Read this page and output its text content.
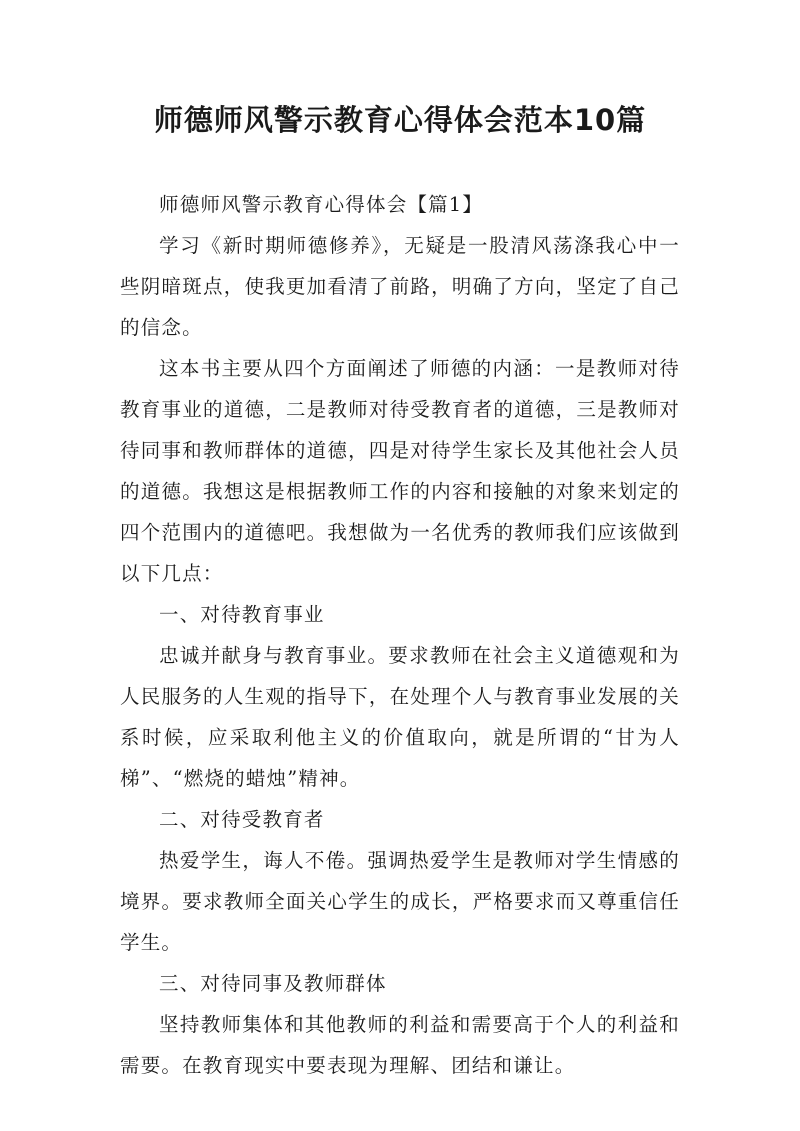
师德师风警示教育心得体会范本10篇

师德师风警示教育心得体会【篇1】

学习《新时期师德修养》，无疑是一股清风荡涤我心中一些阴暗斑点，使我更加看清了前路，明确了方向，坚定了自己的信念。

这本书主要从四个方面阐述了师德的内涵：一是教师对待教育事业的道德，二是教师对待受教育者的道德，三是教师对待同事和教师群体的道德，四是对待学生家长及其他社会人员的道德。我想这是根据教师工作的内容和接触的对象来划定的四个范围内的道德吧。我想做为一名优秀的教师我们应该做到以下几点：

一、对待教育事业

忠诚并献身与教育事业。要求教师在社会主义道德观和为人民服务的人生观的指导下，在处理个人与教育事业发展的关系时候，应采取利他主义的价值取向，就是所谓的“甘为人梯”、“燃烧的蜡烛”精神。

二、对待受教育者

热爱学生，诲人不倦。强调热爱学生是教师对学生情感的境界。要求教师全面关心学生的成长，严格要求而又尊重信任学生。

三、对待同事及教师群体

坚持教师集体和其他教师的利益和需要高于个人的利益和需要。在教育现实中要表现为理解、团结和谦让。
